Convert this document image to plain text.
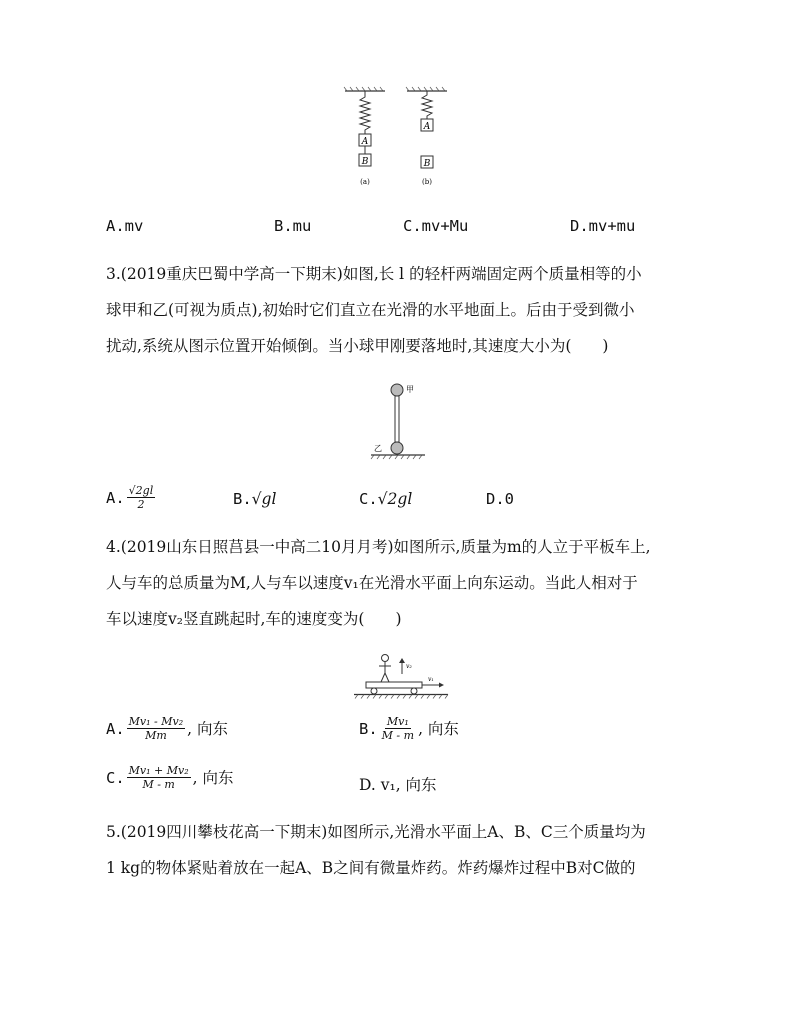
A
B
A
B
(a)	(b)
A.mv	B.mu	C.mv+Mu	D.mv+mu
3.(2019重庆巴蜀中学高一下期末)如图,长 l 的轻杆两端固定两个质量相等的小
球甲和乙(可视为质点),初始时它们直立在光滑的水平地面上。后由于受到微小
扰动,系统从图示位置开始倾倒。当小球甲刚要落地时,其速度大小为(　　)
甲
乙
A. $\frac{√2gl}{2}$	B.√gl	C.√2gl	D.0
4.(2019山东日照莒县一中高二10月月考)如图所示,质量为m的人立于平板车上,
人与车的总质量为M,人与车以速度v₁在光滑水平面上向东运动。当此人相对于
车以速度v₂竖直跳起时,车的速度变为(　　)
v₂
v₁
A. $\frac{\text{Mv₁ - Mv₂}}{Mm}$ , 向东	B. $\frac{\text{Mv₁}}{M - m}$ , 向东
C. $\frac{\text{Mv₁ + Mv₂}}{M - m}$ , 向东	D. v₁, 向东
5.(2019四川攀枝花高一下期末)如图所示,光滑水平面上A、B、C三个质量均为
1 kg的物体紧贴着放在一起A、B之间有微量炸药。炸药爆炸过程中B对C做的
